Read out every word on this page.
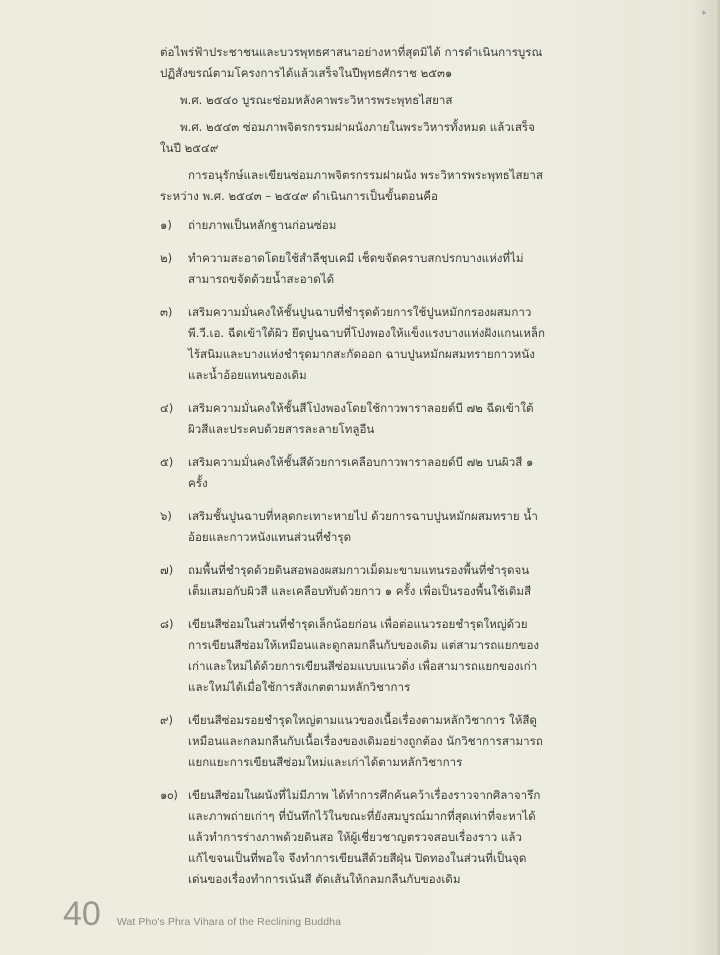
✦

ต่อไพร่ฟ้าประชาชนและบวรพุทธศาสนาอย่างหาที่สุดมิได้ การดำเนินการบูรณปฏิสังขรณ์ตามโครงการได้แล้วเสร็จในปีพุทธศักราช ๒๕๓๑

พ.ศ. ๒๕๔๐ บูรณะซ่อมหลังคาพระวิหารพระพุทธไสยาส

พ.ศ. ๒๕๔๓ ซ่อมภาพจิตรกรรมฝาผนังภายในพระวิหารทั้งหมด แล้วเสร็จในปี ๒๕๔๙

การอนุรักษ์และเขียนซ่อมภาพจิตรกรรมฝาผนัง พระวิหารพระพุทธไสยาส ระหว่าง พ.ศ. ๒๕๔๓ – ๒๕๔๙ ดำเนินการเป็นขั้นตอนคือ

๑)	ถ่ายภาพเป็นหลักฐานก่อนซ่อม
๒)	ทำความสะอาดโดยใช้สำลีชุบเคมี เช็ดขจัดคราบสกปรกบางแห่งที่ไม่สามารถขจัดด้วยน้ำสะอาดได้
๓)	เสริมความมั่นคงให้ชั้นปูนฉาบที่ชำรุดด้วยการใช้ปูนหมักกรองผสมกาวพี.วี.เอ. ฉีดเข้าใต้ผิว ยึดปูนฉาบที่โป่งพองให้แข็งแรงบางแห่งฝังแกนเหล็กไร้สนิมและบางแห่งชำรุดมากสะกัดออก ฉาบปูนหมักผสมทรายกาวหนังและน้ำอ้อยแทนของเดิม
๔)	เสริมความมั่นคงให้ชั้นสีโป่งพองโดยใช้กาวพาราลอยด์บี ๗๒ ฉีดเข้าใต้ผิวสีและประคบด้วยสารละลายโทลูอีน
๕)	เสริมความมั่นคงให้ชั้นสีด้วยการเคลือบกาวพาราลอยด์บี ๗๒ บนผิวสี ๑ ครั้ง
๖)	เสริมชั้นปูนฉาบที่หลุดกะเทาะหายไป ด้วยการฉาบปูนหมักผสมทราย น้ำอ้อยและกาวหนังแทนส่วนที่ชำรุด
๗)	ถมพื้นที่ชำรุดด้วยดินสอพองผสมกาวเม็ดมะขามแทนรองพื้นที่ชำรุดจนเต็มเสมอกับผิวสี และเคลือบทับด้วยกาว ๑ ครั้ง เพื่อเป็นรองพื้นใช้เดิมสี
๘)	เขียนสีซ่อมในส่วนที่ชำรุดเล็กน้อยก่อน เพื่อต่อแนวรอยชำรุดใหญ่ด้วยการเขียนสีซ่อมให้เหมือนและดูกลมกลืนกับของเดิม แต่สามารถแยกของเก่าและใหม่ได้ด้วยการเขียนสีซ่อมแบบแนวดิ่ง เพื่อสามารถแยกของเก่าและใหม่ได้เมื่อใช้การสังเกตตามหลักวิชาการ
๙)	เขียนสีซ่อมรอยชำรุดใหญ่ตามแนวของเนื้อเรื่องตามหลักวิชาการ ให้สีดูเหมือนและกลมกลืนกับเนื้อเรื่องของเดิมอย่างถูกต้อง นักวิชาการสามารถแยกแยะการเขียนสีซ่อมใหม่และเก่าได้ตามหลักวิชาการ
๑๐) เขียนสีซ่อมในผนังที่ไม่มีภาพ ได้ทำการศึกค้นคว้าเรื่องราวจากศิลาจารึกและภาพถ่ายเก่าๆ ที่บันทึกไว้ในขณะที่ยังสมบูรณ์มากที่สุดเท่าที่จะหาได้ แล้วทำการร่างภาพด้วยดินสอ ให้ผู้เชี่ยวชาญตรวจสอบเรื่องราว แล้วแก้ไขจนเป็นที่พอใจ จึงทำการเขียนสีด้วยสีฝุ่น ปิดทองในส่วนที่เป็นจุดเด่นของเรื่องทำการเน้นสี ตัดเส้นให้กลมกลืนกับของเดิม
40 Wat Pho's Phra Vihara of the Reclining Buddha
